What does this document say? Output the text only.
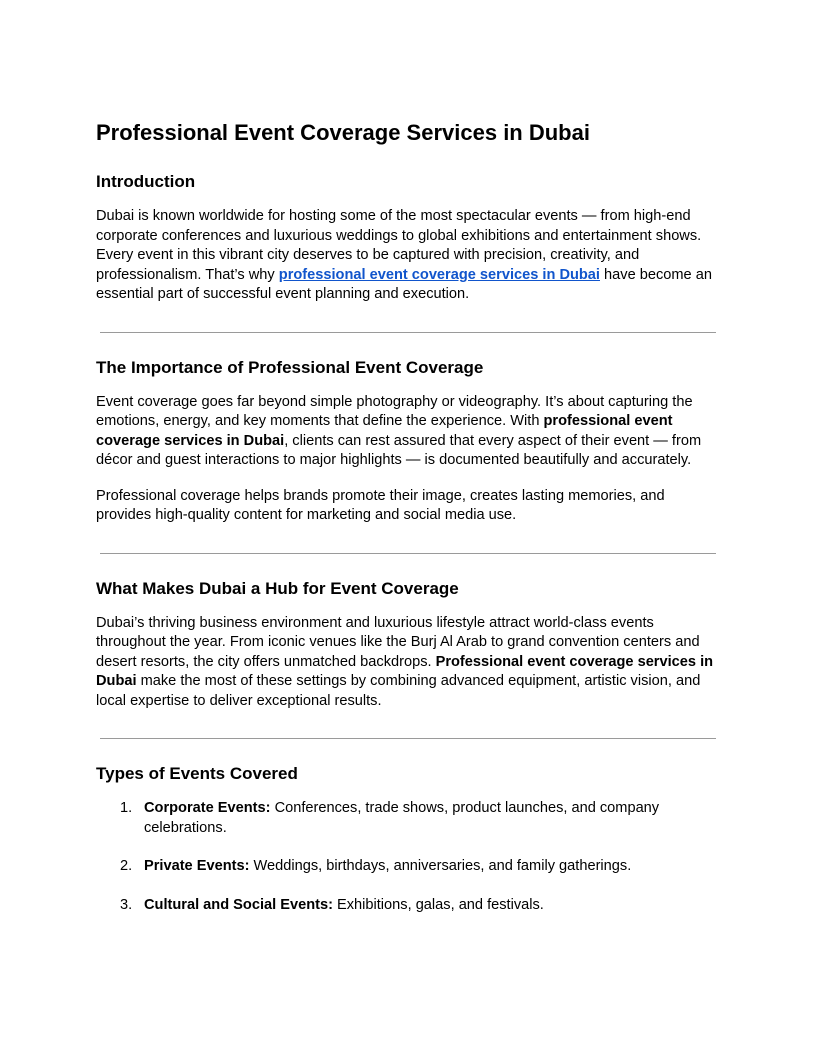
Professional Event Coverage Services in Dubai
Introduction

Dubai is known worldwide for hosting some of the most spectacular events — from high-end corporate conferences and luxurious weddings to global exhibitions and entertainment shows. Every event in this vibrant city deserves to be captured with precision, creativity, and professionalism. That’s why professional event coverage services in Dubai have become an essential part of successful event planning and execution.

The Importance of Professional Event Coverage

Event coverage goes far beyond simple photography or videography. It’s about capturing the emotions, energy, and key moments that define the experience. With professional event coverage services in Dubai, clients can rest assured that every aspect of their event — from décor and guest interactions to major highlights — is documented beautifully and accurately.

Professional coverage helps brands promote their image, creates lasting memories, and provides high-quality content for marketing and social media use.

What Makes Dubai a Hub for Event Coverage

Dubai’s thriving business environment and luxurious lifestyle attract world-class events throughout the year. From iconic venues like the Burj Al Arab to grand convention centers and desert resorts, the city offers unmatched backdrops. Professional event coverage services in Dubai make the most of these settings by combining advanced equipment, artistic vision, and local expertise to deliver exceptional results.

Types of Events Covered
1. Corporate Events: Conferences, trade shows, product launches, and company celebrations.
2. Private Events: Weddings, birthdays, anniversaries, and family gatherings.
3. Cultural and Social Events: Exhibitions, galas, and festivals.
